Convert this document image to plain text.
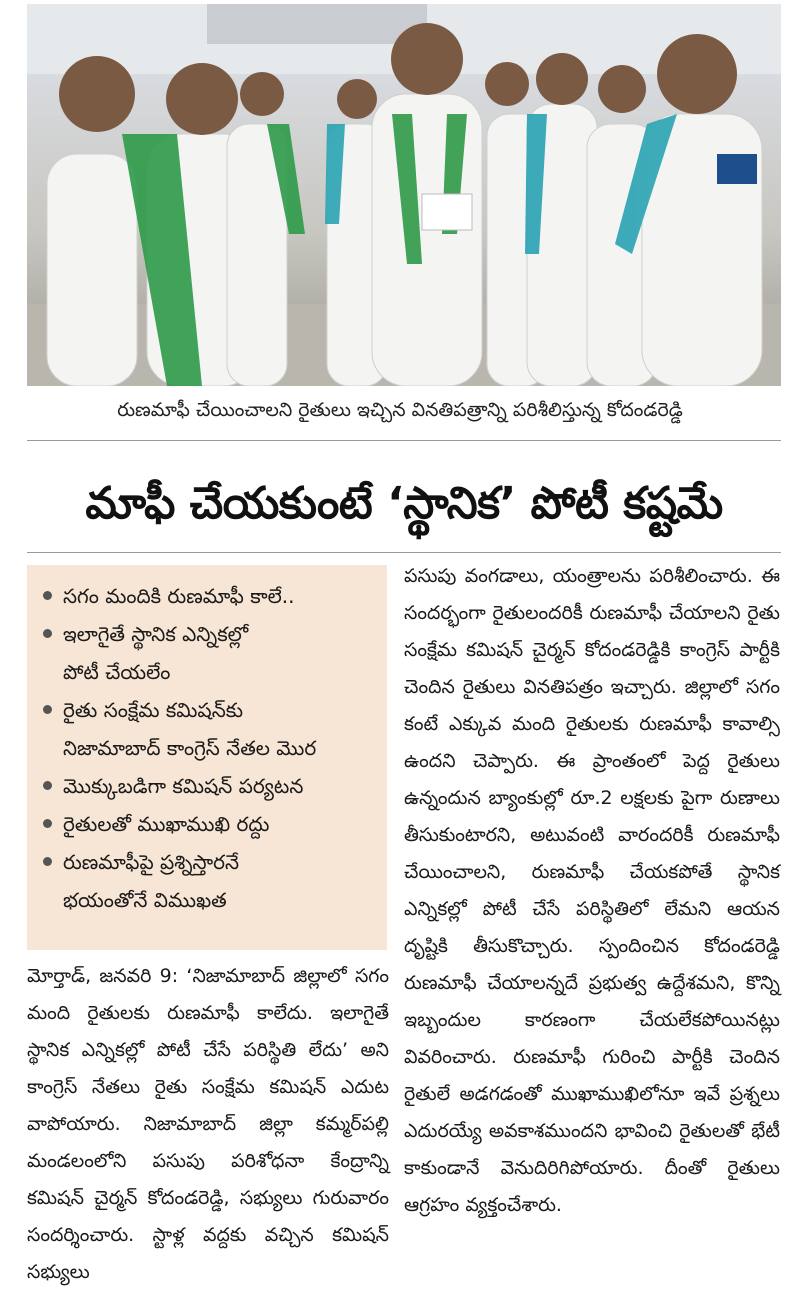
రుణమాఫీ చేయించాలని రైతులు ఇచ్చిన వినతిపత్రాన్ని పరిశీలిస్తున్న కోదండరెడ్డి
మాఫీ చేయకుంటే ‘స్థానిక’ పోటీ కష్టమే
సగం మందికి రుణమాఫీ కాలే..
ఇలాగైతే స్థానిక ఎన్నికల్లో
పోటీ చేయలేం
రైతు సంక్షేమ కమిషన్‌కు
నిజామాబాద్ కాంగ్రెస్ నేతల మొర
మొక్కుబడిగా కమిషన్ పర్యటన
రైతులతో ముఖాముఖి రద్దు
రుణమాఫీపై ప్రశ్నిస్తారనే
భయంతోనే విముఖత

మోర్తాడ్, జనవరి 9: ‘నిజామాబాద్ జిల్లాలో సగం మంది రైతులకు రుణమాఫీ కాలేదు. ఇలాగైతే స్థానిక ఎన్నికల్లో పోటీ చేసే పరిస్థితి లేదు’ అని కాంగ్రెస్ నేతలు రైతు సంక్షేమ కమిషన్ ఎదుట వాపోయారు. నిజామాబాద్ జిల్లా కమ్మర్‌పల్లి మండలంలోని పసుపు పరిశోధనా కేంద్రాన్ని కమిషన్ చైర్మన్ కోదండరెడ్డి, సభ్యులు గురువారం సందర్శించారు. స్టాళ్ల వద్దకు వచ్చిన కమిషన్ సభ్యులు

పసుపు వంగడాలు, యంత్రాలను పరిశీలించారు. ఈ సందర్భంగా రైతులందరికీ రుణమాఫీ చేయాలని రైతు సంక్షేమ కమిషన్ చైర్మన్ కోదండరెడ్డికి కాంగ్రెస్ పార్టీకి చెందిన రైతులు వినతిపత్రం ఇచ్చారు. జిల్లాలో సగం కంటే ఎక్కువ మంది రైతులకు రుణమాఫీ కావాల్సి ఉందని చెప్పారు. ఈ ప్రాంతంలో పెద్ద రైతులు ఉన్నందున బ్యాంకుల్లో రూ.2 లక్షలకు పైగా రుణాలు తీసుకుంటారని, అటువంటి వారందరికీ రుణమాఫీ చేయించాలని, రుణమాఫీ చేయకపోతే స్థానిక ఎన్నికల్లో పోటీ చేసే పరిస్థితిలో లేమని ఆయన దృష్టికి తీసుకొచ్చారు. స్పందించిన కోదండరెడ్డి రుణమాఫీ చేయాలన్నదే ప్రభుత్వ ఉద్దేశమని, కొన్ని ఇబ్బందుల కారణంగా చేయలేకపోయినట్లు వివరించారు. రుణమాఫీ గురించి పార్టీకి చెందిన రైతులే అడగడంతో ముఖాముఖిలోనూ ఇవే ప్రశ్నలు ఎదురయ్యే అవకాశముందని భావించి రైతులతో భేటీ కాకుండానే వెనుదిరిగిపోయారు. దీంతో రైతులు ఆగ్రహం వ్యక్తంచేశారు.
